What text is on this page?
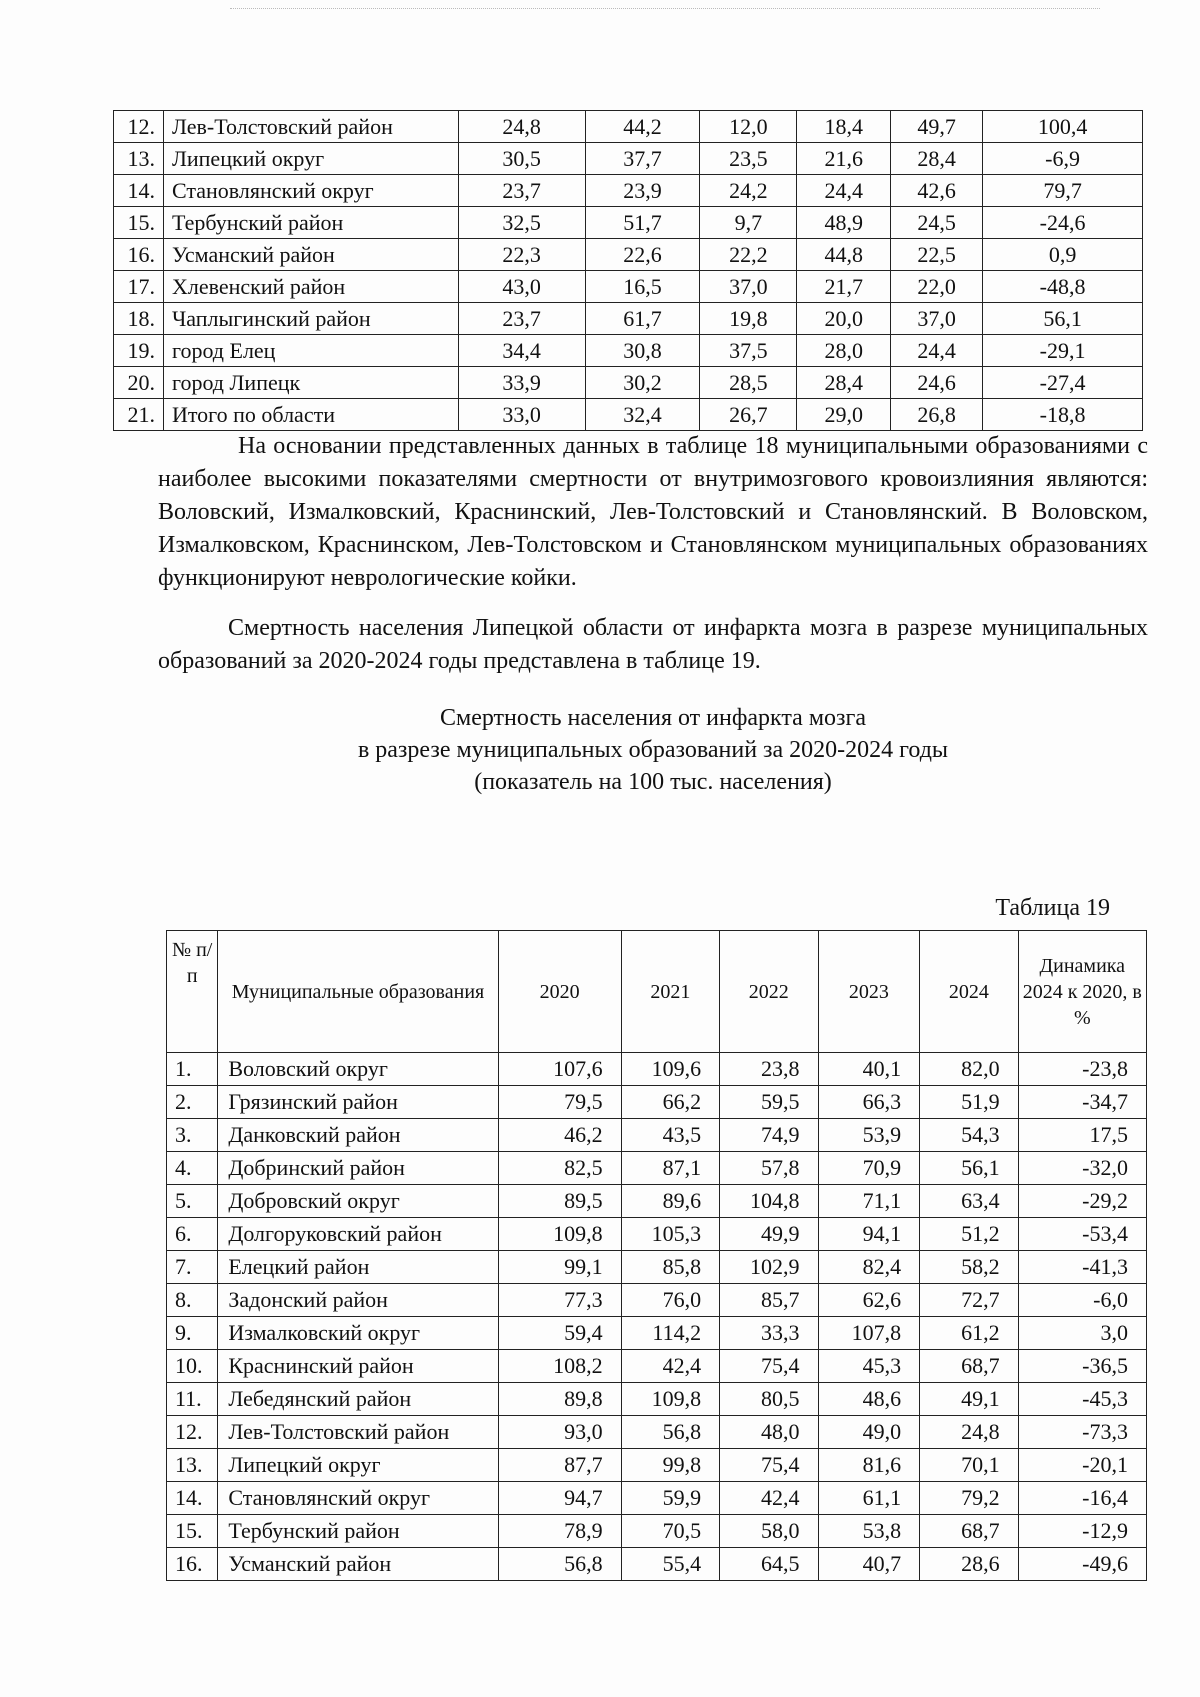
12.	Лев-Толстовский район	24,8	44,2	12,0	18,4	49,7	100,4
13.	Липецкий округ	30,5	37,7	23,5	21,6	28,4	-6,9
14.	Становлянский округ	23,7	23,9	24,2	24,4	42,6	79,7
15.	Тербунский район	32,5	51,7	9,7	48,9	24,5	-24,6
16.	Усманский район	22,3	22,6	22,2	44,8	22,5	0,9
17.	Хлевенский район	43,0	16,5	37,0	21,7	22,0	-48,8
18.	Чаплыгинский район	23,7	61,7	19,8	20,0	37,0	56,1
19.	город Елец	34,4	30,8	37,5	28,0	24,4	-29,1
20.	город Липецк	33,9	30,2	28,5	28,4	24,6	-27,4
21.	Итого по области	33,0	32,4	26,7	29,0	26,8	-18,8
На основании представленных данных в таблице 18 муниципальными образованиями с наиболее высокими показателями смертности от внутримозгового кровоизлияния являются: Воловский, Измалковский, Краснинский, Лев-Толстовский и Становлянский. В Воловском, Измалковском, Краснинском, Лев-Толстовском и Становлянском муниципальных образованиях функционируют неврологические койки.
Смертность населения Липецкой области от инфаркта мозга в разрезе муниципальных образований за 2020-2024 годы представлена в таблице 19.
Смертность населения от инфаркта мозга
в разрезе муниципальных образований за 2020-2024 годы
(показатель на 100 тыс. населения)
Таблица 19
№ п/п	Муниципальные образования	2020	2021	2022	2023	2024	Динамика 2024 к 2020, в %
1.	Воловский округ	107,6	109,6	23,8	40,1	82,0	-23,8
2.	Грязинский район	79,5	66,2	59,5	66,3	51,9	-34,7
3.	Данковский район	46,2	43,5	74,9	53,9	54,3	17,5
4.	Добринский район	82,5	87,1	57,8	70,9	56,1	-32,0
5.	Добровский округ	89,5	89,6	104,8	71,1	63,4	-29,2
6.	Долгоруковский район	109,8	105,3	49,9	94,1	51,2	-53,4
7.	Елецкий район	99,1	85,8	102,9	82,4	58,2	-41,3
8.	Задонский район	77,3	76,0	85,7	62,6	72,7	-6,0
9.	Измалковский округ	59,4	114,2	33,3	107,8	61,2	3,0
10.	Краснинский район	108,2	42,4	75,4	45,3	68,7	-36,5
11.	Лебедянский район	89,8	109,8	80,5	48,6	49,1	-45,3
12.	Лев-Толстовский район	93,0	56,8	48,0	49,0	24,8	-73,3
13.	Липецкий округ	87,7	99,8	75,4	81,6	70,1	-20,1
14.	Становлянский округ	94,7	59,9	42,4	61,1	79,2	-16,4
15.	Тербунский район	78,9	70,5	58,0	53,8	68,7	-12,9
16.	Усманский район	56,8	55,4	64,5	40,7	28,6	-49,6
